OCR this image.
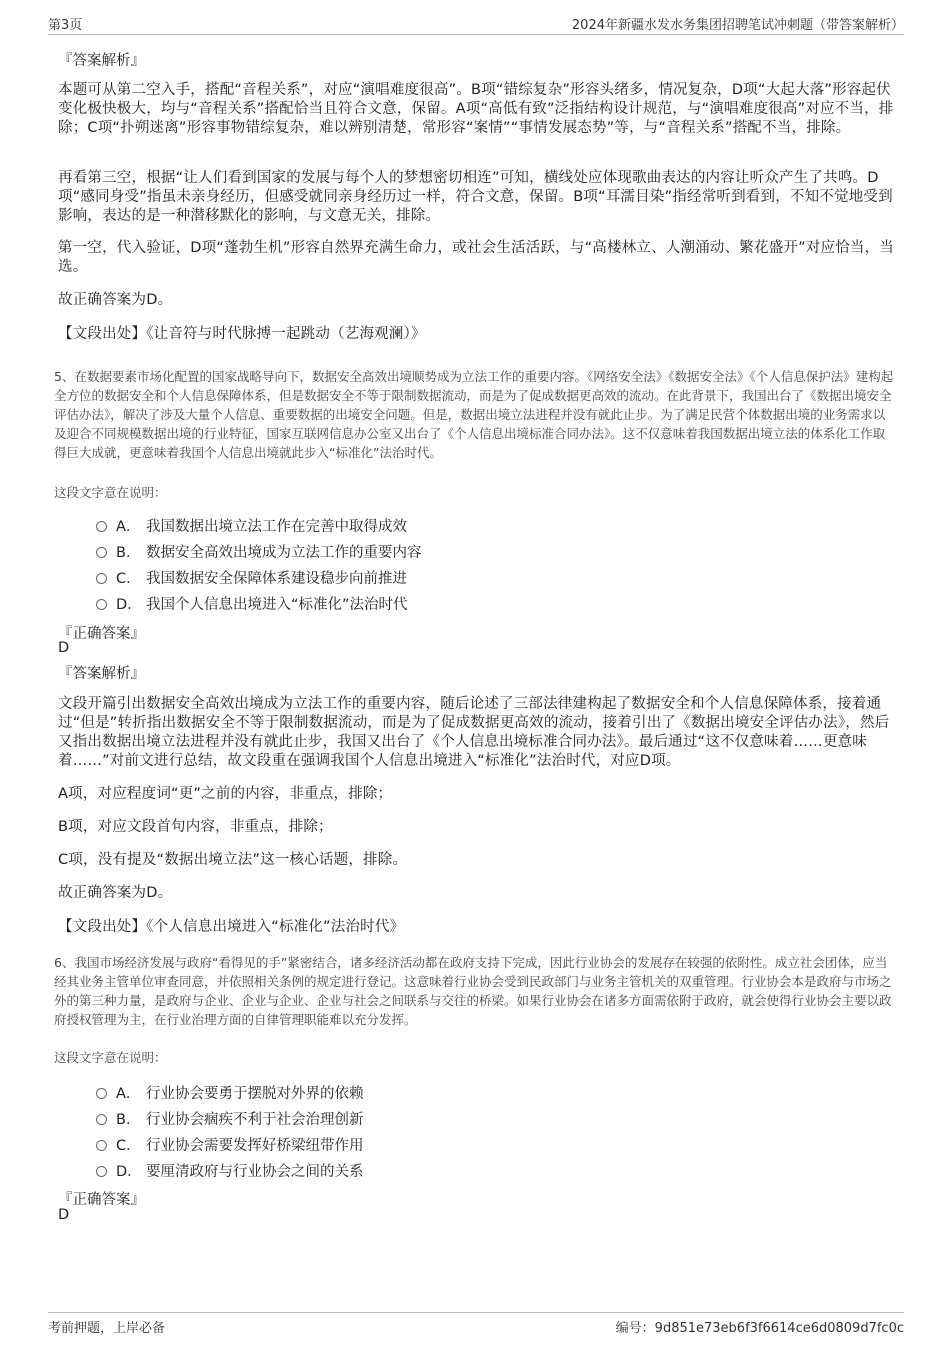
第3页	2024年新疆水发水务集团招聘笔试冲刺题（带答案解析）
『答案解析』
本题可从第二空入手，搭配“音程关系”，对应“演唱难度很高”。B项“错综复杂”形容头绪多，情况复杂，D项“大起大落”形容起伏变化极快极大，均与“音程关系”搭配恰当且符合文意，保留。A项“高低有致”泛指结构设计规范，与“演唱难度很高”对应不当，排除；C项“扑朔迷离”形容事物错综复杂，难以辨别清楚，常形容“案情”“事情发展态势”等，与“音程关系”搭配不当，排除。
再看第三空，根据“让人们看到国家的发展与每个人的梦想密切相连”可知，横线处应体现歌曲表达的内容让听众产生了共鸣。D项“感同身受”指虽未亲身经历，但感受就同亲身经历过一样，符合文意，保留。B项“耳濡目染”指经常听到看到，不知不觉地受到影响，表达的是一种潜移默化的影响，与文意无关，排除。
第一空，代入验证，D项“蓬勃生机”形容自然界充满生命力，或社会生活活跃，与“高楼林立、人潮涌动、繁花盛开”对应恰当，当选。
故正确答案为D。
【文段出处】《让音符与时代脉搏一起跳动（艺海观澜）》
5、在数据要素市场化配置的国家战略导向下，数据安全高效出境顺势成为立法工作的重要内容。《网络安全法》《数据安全法》《个人信息保护法》建构起全方位的数据安全和个人信息保障体系，但是数据安全不等于限制数据流动，而是为了促成数据更高效的流动。在此背景下，我国出台了《数据出境安全评估办法》，解决了涉及大量个人信息、重要数据的出境安全问题。但是，数据出境立法进程并没有就此止步。为了满足民营个体数据出境的业务需求以及迎合不同规模数据出境的行业特征，国家互联网信息办公室又出台了《个人信息出境标准合同办法》。这不仅意味着我国数据出境立法的体系化工作取得巨大成就，更意味着我国个人信息出境就此步入“标准化”法治时代。
这段文字意在说明：
A． 我国数据出境立法工作在完善中取得成效
B． 数据安全高效出境成为立法工作的重要内容
C． 我国数据安全保障体系建设稳步向前推进
D． 我国个人信息出境进入“标准化”法治时代
『正确答案』
D
『答案解析』
文段开篇引出数据安全高效出境成为立法工作的重要内容，随后论述了三部法律建构起了数据安全和个人信息保障体系，接着通过“但是”转折指出数据安全不等于限制数据流动，而是为了促成数据更高效的流动，接着引出了《数据出境安全评估办法》，然后又指出数据出境立法进程并没有就此止步，我国又出台了《个人信息出境标准合同办法》。最后通过“这不仅意味着……更意味着……”对前文进行总结，故文段重在强调我国个人信息出境进入“标准化”法治时代，对应D项。
A项，对应程度词“更”之前的内容，非重点，排除；
B项，对应文段首句内容，非重点，排除；
C项，没有提及“数据出境立法”这一核心话题，排除。
故正确答案为D。
【文段出处】《个人信息出境进入“标准化”法治时代》
6、我国市场经济发展与政府“看得见的手”紧密结合，诸多经济活动都在政府支持下完成，因此行业协会的发展存在较强的依附性。成立社会团体，应当经其业务主管单位审查同意，并依照相关条例的规定进行登记。这意味着行业协会受到民政部门与业务主管机关的双重管理。行业协会本是政府与市场之外的第三种力量，是政府与企业、企业与企业、企业与社会之间联系与交往的桥梁。如果行业协会在诸多方面需依附于政府，就会使得行业协会主要以政府授权管理为主，在行业治理方面的自律管理职能难以充分发挥。
这段文字意在说明：
A． 行业协会要勇于摆脱对外界的依赖
B． 行业协会痼疾不利于社会治理创新
C． 行业协会需要发挥好桥梁纽带作用
D． 要厘清政府与行业协会之间的关系
『正确答案』
D
考前押题，上岸必备	编号：9d851e73eb6f3f6614ce6d0809d7fc0c
